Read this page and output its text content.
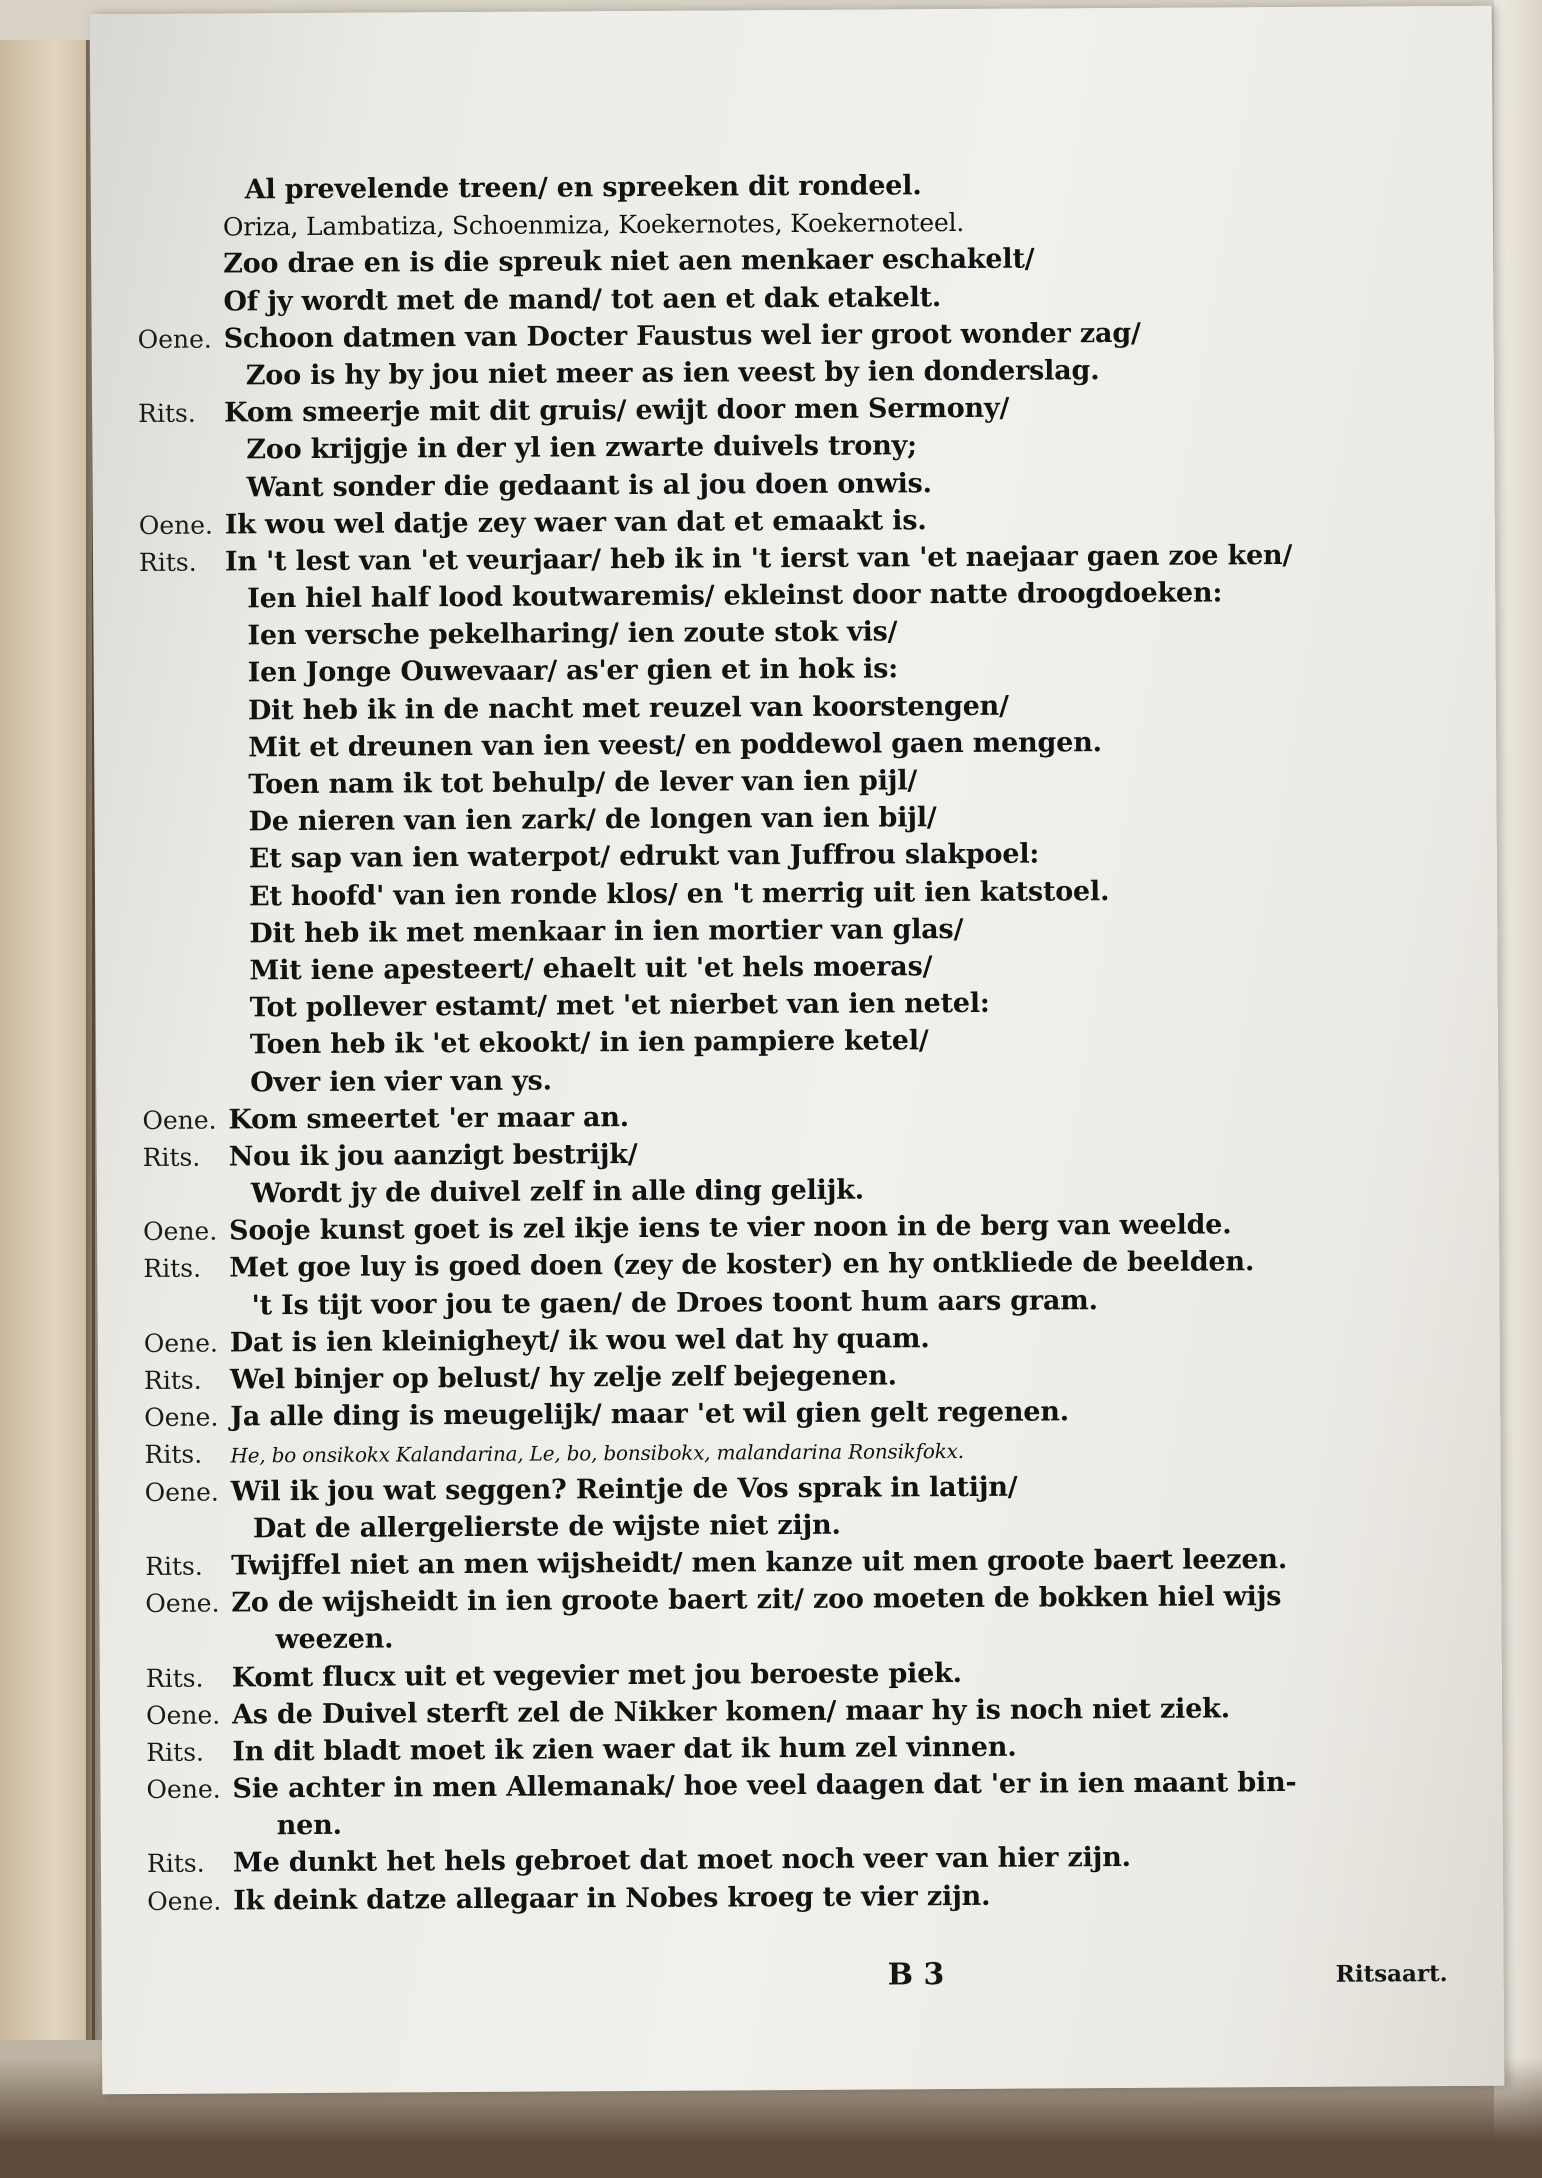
Al prevelende treen/ en spreeken dit rondeel.
Oriza, Lambatiza, Schoenmiza, Koekernotes, Koekernoteel.
Zoo drae en is die spreuk niet aen menkaer eschakelt/
Of jy wordt met de mand/ tot aen et dak etakelt.
Oene. Schoon datmen van Docter Faustus wel ier groot wonder zag/
Zoo is hy by jou niet meer as ien veest by ien donderslag.
Rits.	Kom smeerje mit dit gruis/ ewijt door men Sermony/
Zoo krijgje in der yl ien zwarte duivels trony;
Want sonder die gedaant is al jou doen onwis.
Oene. Ik wou wel datje zey waer van dat et emaakt is.
Rits.	In 't lest van 'et veurjaar/ heb ik in 't ierst van 'et naejaar gaen zoe ken/
Ien hiel half lood koutwaremis/ ekleinst door natte droogdoeken:
Ien versche pekelharing/ ien zoute stok vis/
Ien Jonge Ouwevaar/ as'er gien et in hok is:
Dit heb ik in de nacht met reuzel van koorstengen/
Mit et dreunen van ien veest/ en poddewol gaen mengen.
Toen nam ik tot behulp/ de lever van ien pijl/
De nieren van ien zark/ de longen van ien bijl/
Et sap van ien waterpot/ edrukt van Juffrou slakpoel:
Et hoofd' van ien ronde klos/ en 't merrig uit ien katstoel.
Dit heb ik met menkaar in ien mortier van glas/
Mit iene apesteert/ ehaelt uit 'et hels moeras/
Tot pollever estamt/ met 'et nierbet van ien netel:
Toen heb ik 'et ekookt/ in ien pampiere ketel/
Over ien vier van ys.
Oene. Kom smeertet 'er maar an.
Rits.	Nou ik jou aanzigt bestrijk/
Wordt jy de duivel zelf in alle ding gelijk.
Oene. Sooje kunst goet is zel ikje iens te vier noon in de berg van weelde.
Rits.	Met goe luy is goed doen (zey de koster) en hy ontkliede de beelden.
't Is tijt voor jou te gaen/ de Droes toont hum aars gram.
Oene. Dat is ien kleinigheyt/ ik wou wel dat hy quam.
Rits.	Wel binjer op belust/ hy zelje zelf bejegenen.
Oene. Ja alle ding is meugelijk/ maar 'et wil gien gelt regenen.
Rits.	He, bo onsikokx Kalandarina, Le, bo, bonsibokx, malandarina Ronsikfokx.
Oene. Wil ik jou wat seggen? Reintje de Vos sprak in latijn/
Dat de allergelierste de wijste niet zijn.
Rits.	Twijffel niet an men wijsheidt/ men kanze uit men groote baert leezen.
Oene. Zo de wijsheidt in ien groote baert zit/ zoo moeten de bokken hiel wijs
weezen.
Rits.	Komt flucx uit et vegevier met jou beroeste piek.
Oene. As de Duivel sterft zel de Nikker komen/ maar hy is noch niet ziek.
Rits.	In dit bladt moet ik zien waer dat ik hum zel vinnen.
Oene. Sie achter in men Allemanak/ hoe veel daagen dat 'er in ien maant bin-
nen.
Rits.	Me dunkt het hels gebroet dat moet noch veer van hier zijn.
Oene. Ik deink datze allegaar in Nobes kroeg te vier zijn.
B 3	Ritsaart.
